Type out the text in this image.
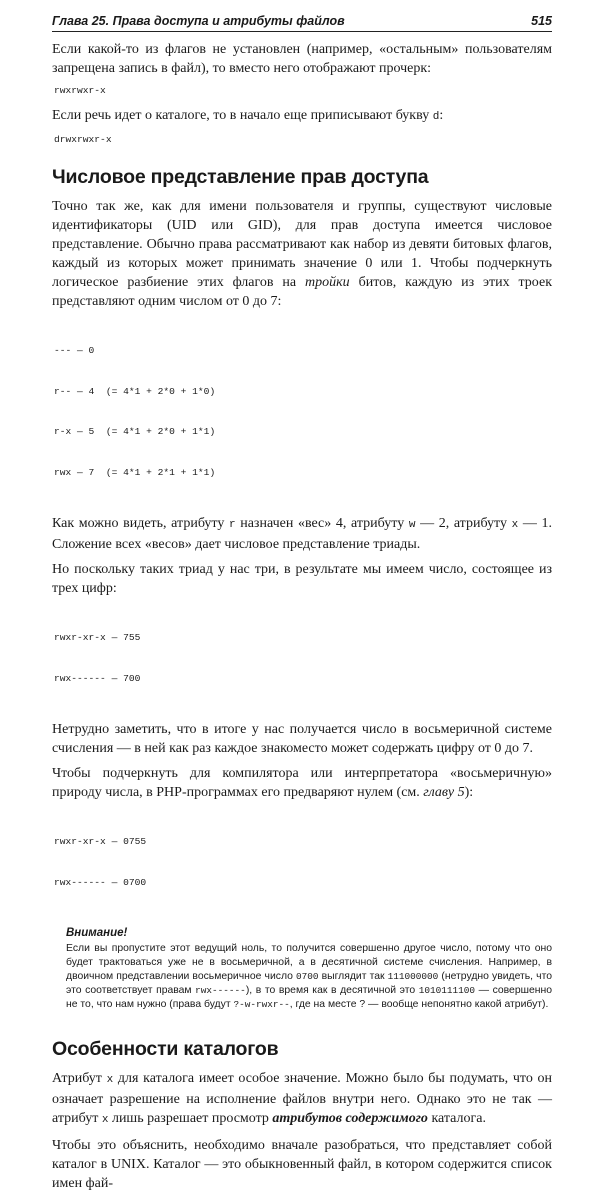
Глава 25. Права доступа и атрибуты файлов	515

Если какой-то из флагов не установлен (например, «остальным» пользователям запрещена запись в файл), то вместо него отображают прочерк:

rwxrwxr-x

Если речь идет о каталоге, то в начало еще приписывают букву d:

drwxrwxr-x
Числовое представление прав доступа

Точно так же, как для имени пользователя и группы, существуют числовые идентификаторы (UID или GID), для прав доступа имеется числовое представление. Обычно права рассматривают как набор из девяти битовых флагов, каждый из которых может принимать значение 0 или 1. Чтобы подчеркнуть логическое разбиение этих флагов на тройки битов, каждую из этих троек представляют одним числом от 0 до 7:

--- — 0

r-- — 4  (= 4*1 + 2*0 + 1*0)

r-x — 5  (= 4*1 + 2*0 + 1*1)

rwx — 7  (= 4*1 + 2*1 + 1*1)

Как можно видеть, атрибуту r назначен «вес» 4, атрибуту w — 2, атрибуту x — 1. Сложение всех «весов» дает числовое представление триады.

Но поскольку таких триад у нас три, в результате мы имеем число, состоящее из трех цифр:

rwxr-xr-x — 755

rwx------ — 700

Нетрудно заметить, что в итоге у нас получается число в восьмеричной системе счисления — в ней как раз каждое знакоместо может содержать цифру от 0 до 7.

Чтобы подчеркнуть для компилятора или интерпретатора «восьмеричную» природу числа, в PHP-программах его предваряют нулем (см. главу 5):

rwxr-xr-x — 0755

rwx------ — 0700

Внимание!
Если вы пропустите этот ведущий ноль, то получится совершенно другое число, потому что оно будет трактоваться уже не в восьмеричной, а в десятичной системе счисления. Например, в двоичном представлении восьмеричное число 0700 выглядит так 111000000 (нетрудно увидеть, что это соответствует правам rwx------), в то время как в десятичной это 1010111100 — совершенно не то, что нам нужно (права будут ?-w-rwxr--, где на месте ? — вообще непонятно какой атрибут).
Особенности каталогов

Атрибут x для каталога имеет особое значение. Можно было бы подумать, что он означает разрешение на исполнение файлов внутри него. Однако это не так — атрибут x лишь разрешает просмотр атрибутов содержимого каталога.

Чтобы это объяснить, необходимо вначале разобраться, что представляет собой каталог в UNIX. Каталог — это обыкновенный файл, в котором содержится список имен фай-
